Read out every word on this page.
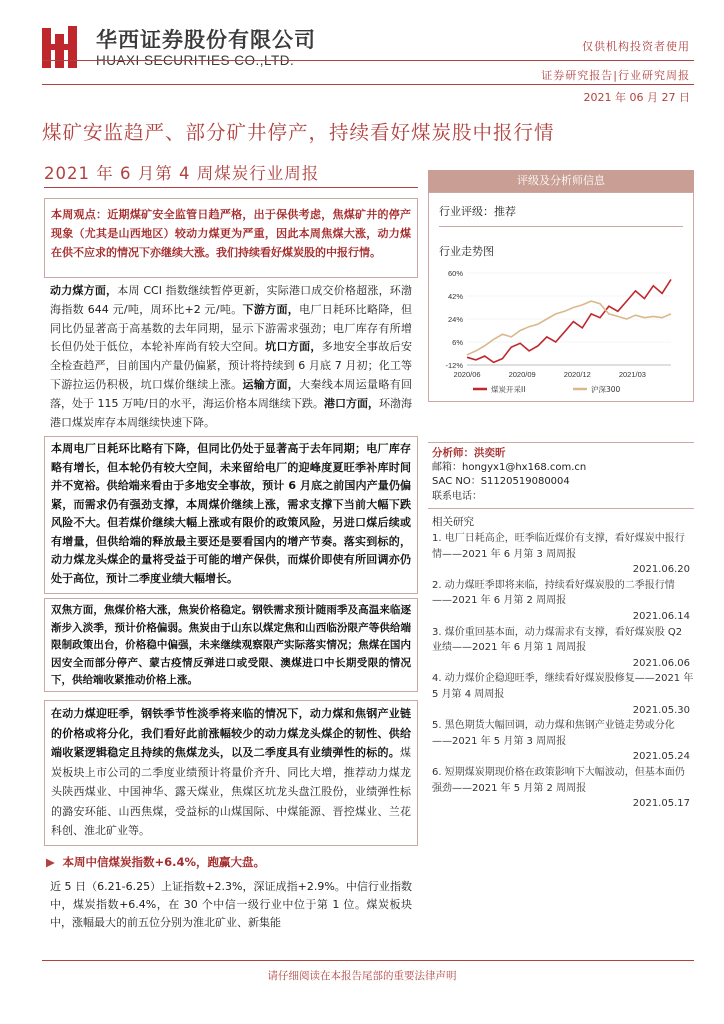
华西证券股份有限公司
HUAXI SECURITIES CO.,LTD.
仅供机构投资者使用
证券研究报告|行业研究周报
2021 年 06 月 27 日
煤矿安监趋严、部分矿井停产，持续看好煤炭股中报行情
2021 年 6 月第 4 周煤炭行业周报

本周观点：近期煤矿安全监管日趋严格，出于保供考虑，焦煤矿井的停产现象（尤其是山西地区）较动力煤更为严重，因此本周焦煤大涨，动力煤在供不应求的情况下亦继续大涨。我们持续看好煤炭股的中报行情。

动力煤方面，本周 CCI 指数继续暂停更新，实际港口成交价格超涨，环渤海指数 644 元/吨，周环比+2 元/吨。下游方面，电厂日耗环比略降，但同比仍显著高于高基数的去年同期，显示下游需求强劲；电厂库存有所增长但仍处于低位，本轮补库尚有较大空间。坑口方面，多地安全事故后安全检查趋严，目前国内产量仍偏紧，预计将持续到 6 月底 7 月初；化工等下游拉运仍积极，坑口煤价继续上涨。运输方面，大秦线本周运量略有回落，处于 115 万吨/日的水平，海运价格本周继续下跌。港口方面，环渤海港口煤炭库存本周继续快速下降。

本周电厂日耗环比略有下降，但同比仍处于显著高于去年同期；电厂库存略有增长，但本轮仍有较大空间，未来留给电厂的迎峰度夏旺季补库时间并不宽裕。供给端来看由于多地安全事故，预计 6 月底之前国内产量仍偏紧，而需求仍有强劲支撑，本周煤价继续上涨，需求支撑下当前大幅下跌风险不大。但若煤价继续大幅上涨或有限价的政策风险，另进口煤后续或有增量，但供给端的释放最主要还是要看国内的增产节奏。落实到标的，动力煤龙头煤企的量将受益于可能的增产保供，而煤价即使有所回调亦仍处于高位，预计二季度业绩大幅增长。

双焦方面，焦煤价格大涨，焦炭价格稳定。钢铁需求预计随雨季及高温来临逐渐步入淡季，预计价格偏弱。焦炭由于山东以煤定焦和山西临汾限产等供给端限制政策出台，价格稳中偏强，未来继续观察限产实际落实情况；焦煤在国内因安全而部分停产、蒙古疫情反弹进口或受限、澳煤进口中长期受限的情况下，供给端收紧推动价格上涨。

在动力煤迎旺季，钢铁季节性淡季将来临的情况下，动力煤和焦钢产业链的价格或将分化，我们看好此前涨幅较少的动力煤龙头煤企的韧性、供给端收紧逻辑稳定且持续的焦煤龙头，以及二季度具有业绩弹性的标的。煤炭板块上市公司的二季度业绩预计将量价齐升、同比大增，推荐动力煤龙头陕西煤业、中国神华、露天煤业，焦煤区坑龙头盘江股份，业绩弹性标的潞安环能、山西焦煤，受益标的山煤国际、中煤能源、晋控煤业、兰花科创、淮北矿业等。

▶ 本周中信煤炭指数+6.4%，跑赢大盘。

近 5 日（6.21-6.25）上证指数+2.3%，深证成指+2.9%。中信行业指数中，煤炭指数+6.4%，在 30 个中信一级行业中位于第 1 位。煤炭板块中，涨幅最大的前五位分别为淮北矿业、新集能

评级及分析师信息
行业评级：推荐
行业走势图
-12%
6%
24%
42%
60%
2020/06	2020/09	2020/12	2021/03
煤炭开采II	沪深300
分析师：洪奕昕
邮箱：hongyx1@hx168.com.cn
SAC NO：S1120519080004
联系电话：
相关研究
1. 电厂日耗高企，旺季临近煤价有支撑，看好煤炭中报行情——2021 年 6 月第 3 周周报
2021.06.20
2. 动力煤旺季即将来临，持续看好煤炭股的二季报行情——2021 年 6 月第 2 周周报
2021.06.14
3. 煤价重回基本面，动力煤需求有支撑，看好煤炭股 Q2 业绩——2021 年 6 月第 1 周周报
2021.06.06
4. 动力煤价企稳迎旺季，继续看好煤炭股修复——2021 年 5 月第 4 周周报
2021.05.30
5. 黑色期货大幅回调，动力煤和焦钢产业链走势或分化——2021 年 5 月第 3 周周报
2021.05.24
6. 短期煤炭期现价格在政策影响下大幅波动，但基本面仍强劲——2021 年 5 月第 2 周周报
2021.05.17
请仔细阅读在本报告尾部的重要法律声明
